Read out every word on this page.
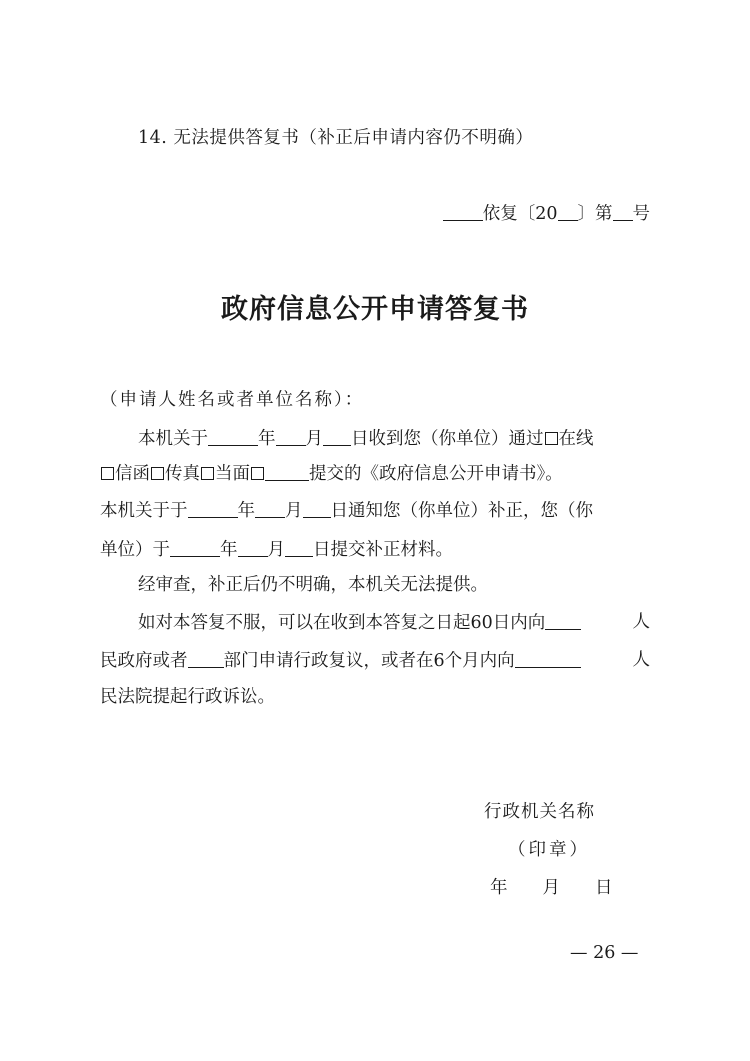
14. 无法提供答复书（补正后申请内容仍不明确）
依复〔20 〕第 号
政府信息公开申请答复书
（申请人姓名或者单位名称）：
本机关于	年 月 日收到您（你单位）通过 在线
信函 传真 当面	提交的《政府信息公开申请书》。
本机关于于	年 月 日通知您（你单位）补正，您（你
单位）于	年 月 日提交补正材料。
经审查，补正后仍不明确，本机关无法提供。
如对本答复不服，可以在收到本答复之日起60日内向	人
民政府或者 部门申请行政复议，或者在6个月内向	人
民法院提起行政诉讼。
行政机关名称
（印章）
年 月 日
— 26 —
